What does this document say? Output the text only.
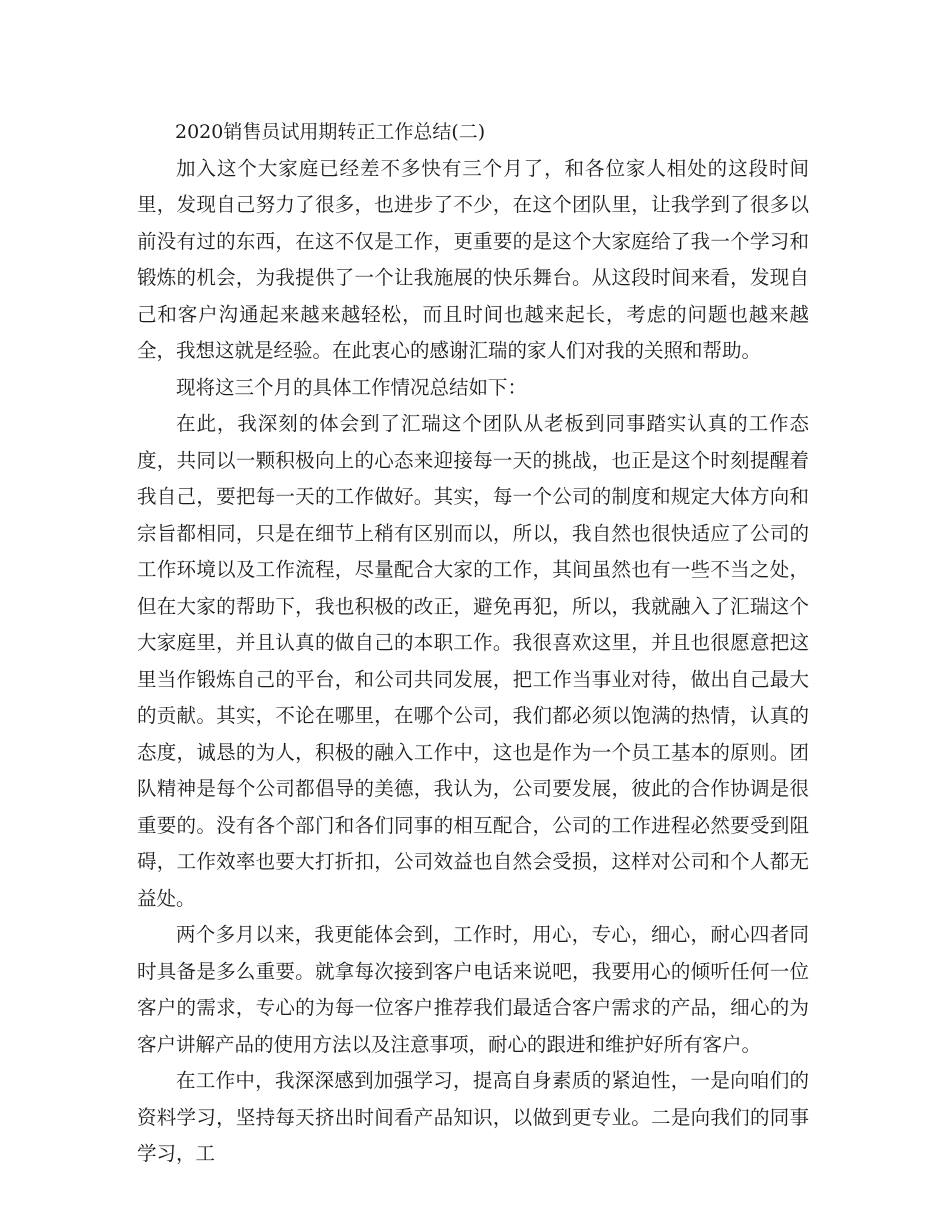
2020销售员试用期转正工作总结(二)

加入这个大家庭已经差不多快有三个月了，和各位家人相处的这段时间里，发现自己努力了很多，也进步了不少，在这个团队里，让我学到了很多以前没有过的东西，在这不仅是工作，更重要的是这个大家庭给了我一个学习和锻炼的机会，为我提供了一个让我施展的快乐舞台。从这段时间来看，发现自己和客户沟通起来越来越轻松，而且时间也越来起长，考虑的问题也越来越全，我想这就是经验。在此衷心的感谢汇瑞的家人们对我的关照和帮助。

现将这三个月的具体工作情况总结如下：

在此，我深刻的体会到了汇瑞这个团队从老板到同事踏实认真的工作态度，共同以一颗积极向上的心态来迎接每一天的挑战，也正是这个时刻提醒着我自己，要把每一天的工作做好。其实，每一个公司的制度和规定大体方向和宗旨都相同，只是在细节上稍有区别而以，所以，我自然也很快适应了公司的工作环境以及工作流程，尽量配合大家的工作，其间虽然也有一些不当之处，但在大家的帮助下，我也积极的改正，避免再犯，所以，我就融入了汇瑞这个大家庭里，并且认真的做自己的本职工作。我很喜欢这里，并且也很愿意把这里当作锻炼自己的平台，和公司共同发展，把工作当事业对待，做出自己最大的贡献。其实，不论在哪里，在哪个公司，我们都必须以饱满的热情，认真的态度，诚恳的为人，积极的融入工作中，这也是作为一个员工基本的原则。团队精神是每个公司都倡导的美德，我认为，公司要发展，彼此的合作协调是很重要的。没有各个部门和各们同事的相互配合，公司的工作进程必然要受到阻碍，工作效率也要大打折扣，公司效益也自然会受损，这样对公司和个人都无益处。

两个多月以来，我更能体会到，工作时，用心，专心，细心，耐心四者同时具备是多么重要。就拿每次接到客户电话来说吧，我要用心的倾听任何一位客户的需求，专心的为每一位客户推荐我们最适合客户需求的产品，细心的为客户讲解产品的使用方法以及注意事项，耐心的跟进和维护好所有客户。

在工作中，我深深感到加强学习，提高自身素质的紧迫性，一是向咱们的资料学习，坚持每天挤出时间看产品知识，以做到更专业。二是向我们的同事学习，工
